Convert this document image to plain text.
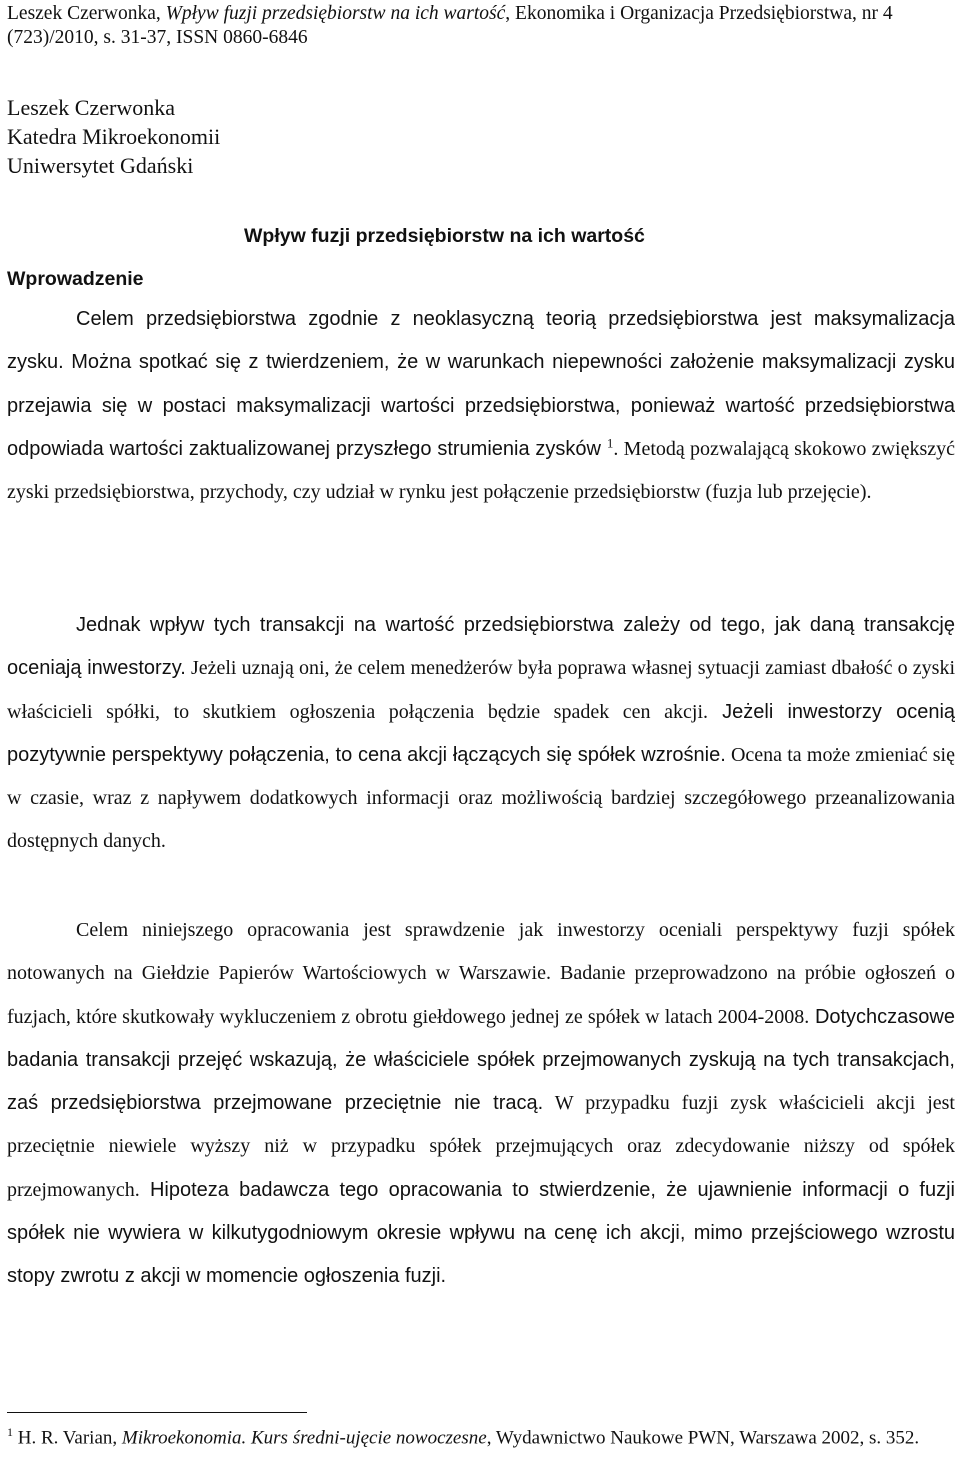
Leszek Czerwonka, Wpływ fuzji przedsiębiorstw na ich wartość, Ekonomika i Organizacja Przedsiębiorstwa, nr 4 (723)/2010, s. 31-37, ISSN 0860-6846

Leszek Czerwonka
Katedra Mikroekonomii
Uniwersytet Gdański
Wpływ fuzji przedsiębiorstw na ich wartość
Wprowadzenie

Celem przedsiębiorstwa zgodnie z neoklasyczną teorią przedsiębiorstwa jest maksymalizacja zysku. Można spotkać się z twierdzeniem, że w warunkach niepewności założenie maksymalizacji zysku przejawia się w postaci maksymalizacji wartości przedsiębiorstwa, ponieważ wartość przedsiębiorstwa odpowiada wartości zaktualizowanej przyszłego strumienia zysków $^1$. Metodą pozwalającą skokowo zwiększyć zyski przedsiębiorstwa, przychody, czy udział w rynku jest połączenie przedsiębiorstw (fuzja lub przejęcie).

Jednak wpływ tych transakcji na wartość przedsiębiorstwa zależy od tego, jak daną transakcję oceniają inwestorzy. Jeżeli uznają oni, że celem menedżerów była poprawa własnej sytuacji zamiast dbałość o zyski właścicieli spółki, to skutkiem ogłoszenia połączenia będzie spadek cen akcji. Jeżeli inwestorzy ocenią pozytywnie perspektywy połączenia, to cena akcji łączących się spółek wzrośnie. Ocena ta może zmieniać się w czasie, wraz z napływem dodatkowych informacji oraz możliwością bardziej szczegółowego przeanalizowania dostępnych danych.

Celem niniejszego opracowania jest sprawdzenie jak inwestorzy oceniali perspektywy fuzji spółek notowanych na Giełdzie Papierów Wartościowych w Warszawie. Badanie przeprowadzono na próbie ogłoszeń o fuzjach, które skutkowały wykluczeniem z obrotu giełdowego jednej ze spółek w latach 2004-2008. Dotychczasowe badania transakcji przejęć wskazują, że właściciele spółek przejmowanych zyskują na tych transakcjach, zaś przedsiębiorstwa przejmowane przeciętnie nie tracą. W przypadku fuzji zysk właścicieli akcji jest przeciętnie niewiele wyższy niż w przypadku spółek przejmujących oraz zdecydowanie niższy od spółek przejmowanych. Hipoteza badawcza tego opracowania to stwierdzenie, że ujawnienie informacji o fuzji spółek nie wywiera w kilkutygodniowym okresie wpływu na cenę ich akcji, mimo przejściowego wzrostu stopy zwrotu z akcji w momencie ogłoszenia fuzji.

$^1$ H. R. Varian, Mikroekonomia. Kurs średni-ujęcie nowoczesne, Wydawnictwo Naukowe PWN, Warszawa 2002, s. 352.
